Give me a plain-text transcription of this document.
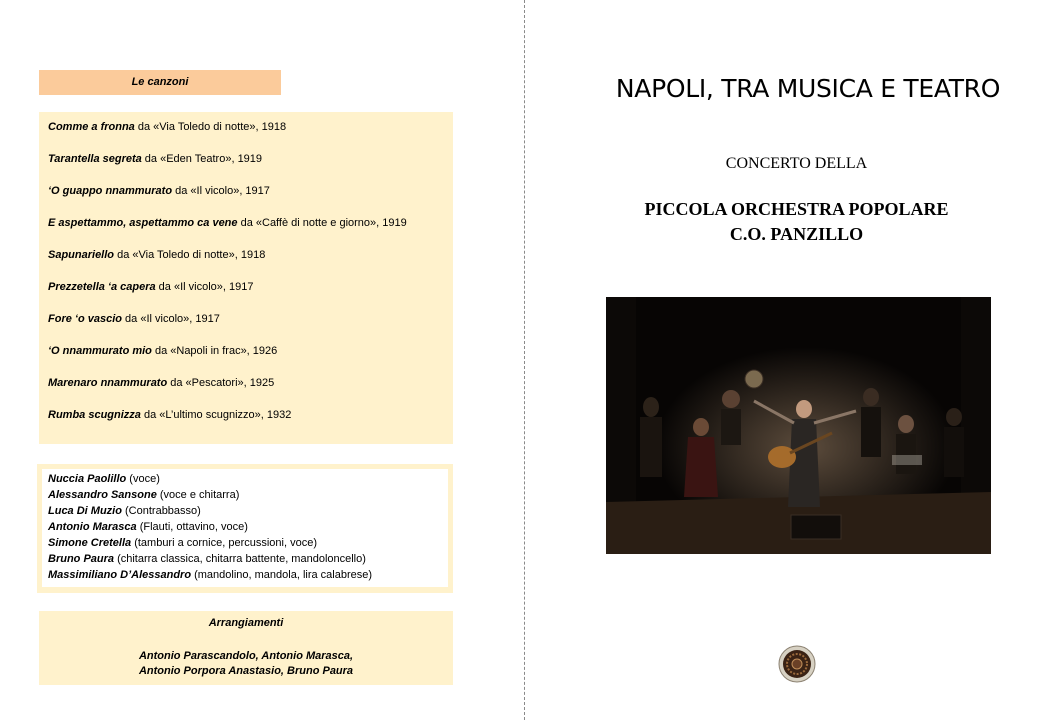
Le canzoni
Comme a fronna da «Via Toledo di notte», 1918
Tarantella segreta da «Eden Teatro», 1919
‘O guappo nnammurato da «Il vicolo», 1917
E aspettammo, aspettammo ca vene da «Caffè di notte e giorno», 1919
Sapunariello da «Via Toledo di notte», 1918
Prezzetella ‘a capera da «Il vicolo», 1917
Fore ‘o vascio da «Il vicolo», 1917
‘O nnammurato mio da «Napoli in frac», 1926
Marenaro nnammurato da «Pescatori», 1925
Rumba scugnizza da «L’ultimo scugnizzo», 1932
Nuccia Paolillo (voce)
Alessandro Sansone (voce e chitarra)
Luca Di Muzio (Contrabbasso)
Antonio Marasca (Flauti, ottavino, voce)
Simone Cretella (tamburi a cornice, percussioni, voce)
Bruno Paura (chitarra classica, chitarra battente, mandoloncello)
Massimiliano D’Alessandro (mandolino, mandola, lira calabrese)
Arrangiamenti
Antonio Parascandolo, Antonio Marasca,
Antonio Porpora Anastasio, Bruno Paura
NAPOLI, TRA MUSICA E TEATRO
CONCERTO DELLA
PICCOLA ORCHESTRA POPOLARE
C.O. PANZILLO
